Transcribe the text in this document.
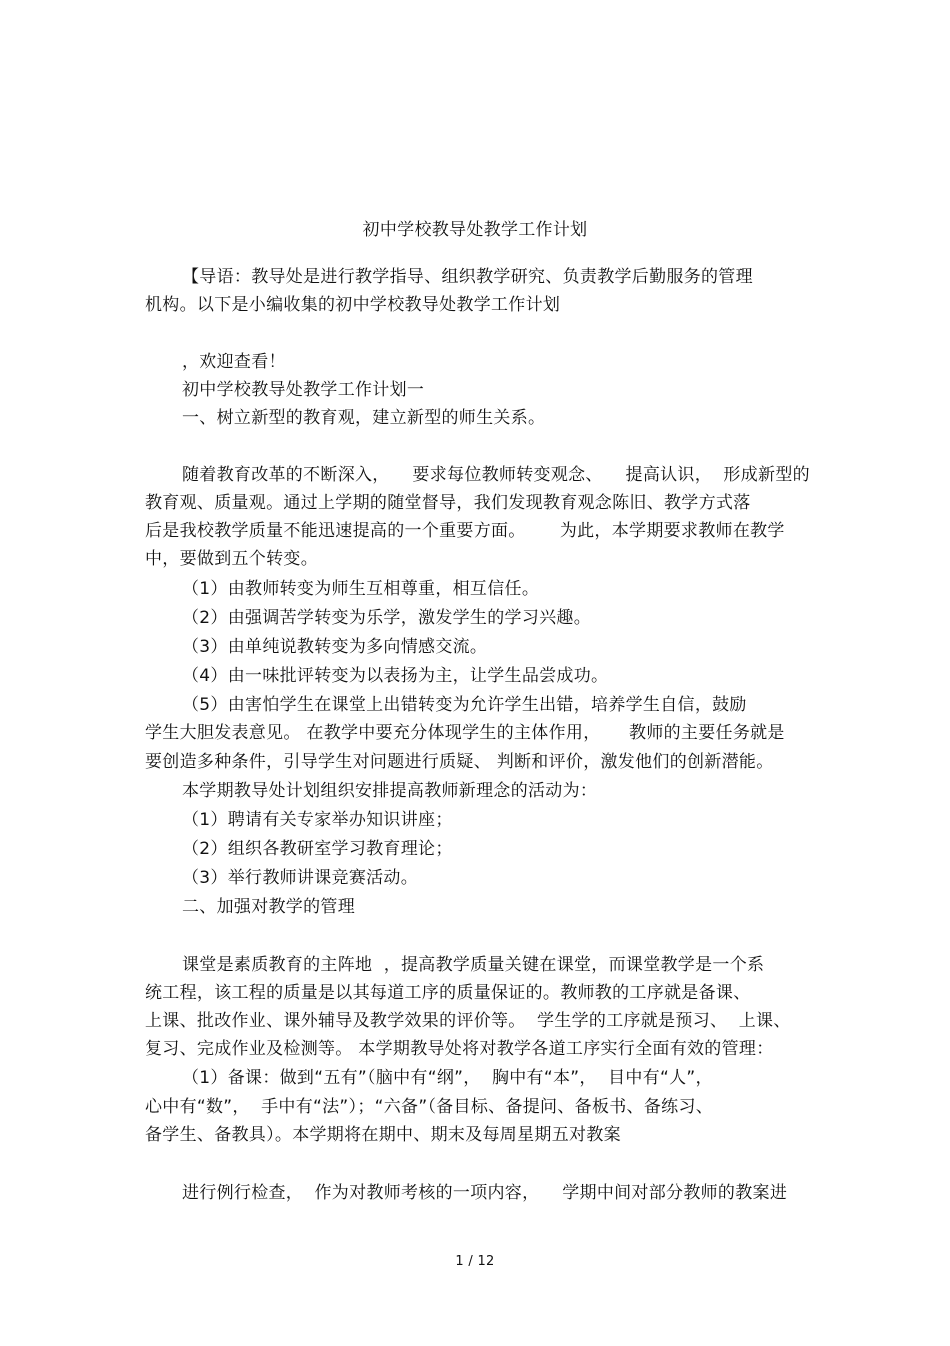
初中学校教导处教学工作计划
【导语：教导处是进行教学指导、组织教学研究、负责教学后勤服务的管理
机构。以下是小编收集的初中学校教导处教学工作计划
，欢迎查看！
初中学校教导处教学工作计划一
一、树立新型的教育观，建立新型的师生关系。
随着教育改革的不断深入，    要求每位教师转变观念、    提高认识，  形成新型的
教育观、质量观。通过上学期的随堂督导，我们发现教育观念陈旧、教学方式落
后是我校教学质量不能迅速提高的一个重要方面。      为此，本学期要求教师在教学
中，要做到五个转变。
（1）由教师转变为师生互相尊重，相互信任。
（2）由强调苦学转变为乐学，激发学生的学习兴趣。
（3）由单纯说教转变为多向情感交流。
（4）由一味批评转变为以表扬为主，让学生品尝成功。
（5）由害怕学生在课堂上出错转变为允许学生出错，培养学生自信，鼓励
学生大胆发表意见。 在教学中要充分体现学生的主体作用，     教师的主要任务就是
要创造多种条件，引导学生对问题进行质疑、 判断和评价，激发他们的创新潜能。
本学期教导处计划组织安排提高教师新理念的活动为：
（1）聘请有关专家举办知识讲座；
（2）组织各教研室学习教育理论；
（3）举行教师讲课竞赛活动。
二、加强对教学的管理
课堂是素质教育的主阵地  ，提高教学质量关键在课堂，而课堂教学是一个系
统工程，该工程的质量是以其每道工序的质量保证的。教师教的工序就是备课、
上课、批改作业、课外辅导及教学效果的评价等。  学生学的工序就是预习、  上课、
复习、完成作业及检测等。 本学期教导处将对教学各道工序实行全面有效的管理：
（1）备课：做到“五有”（脑中有“纲”，  胸中有“本”，  目中有“人”，
心中有“数”，  手中有“法”）；“六备”（备目标、备提问、备板书、备练习、
备学生、备教具）。本学期将在期中、期末及每周星期五对教案
进行例行检查，  作为对教师考核的一项内容，    学期中间对部分教师的教案进
1 / 12
